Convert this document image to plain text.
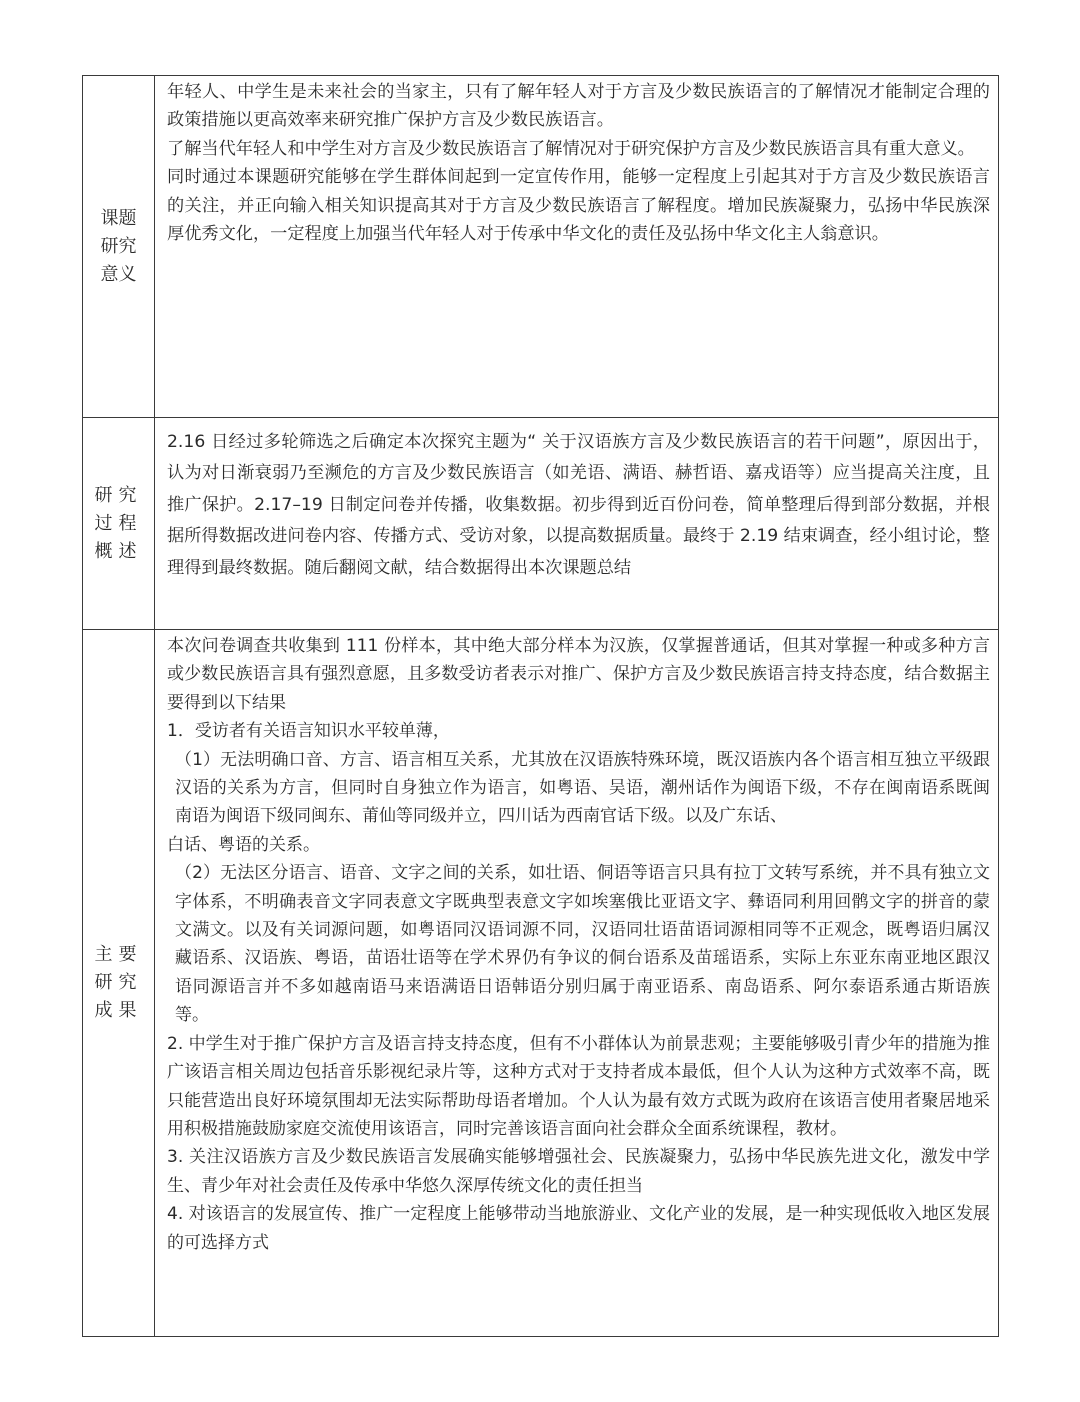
课题研究意义

年轻人、中学生是未来社会的当家主，只有了解年轻人对于方言及少数民族语言的了解情况才能制定合理的政策措施以更高效率来研究推广保护方言及少数民族语言。

了解当代年轻人和中学生对方言及少数民族语言了解情况对于研究保护方言及少数民族语言具有重大意义。

同时通过本课题研究能够在学生群体间起到一定宣传作用，能够一定程度上引起其对于方言及少数民族语言的关注，并正向输入相关知识提高其对于方言及少数民族语言了解程度。增加民族凝聚力，弘扬中华民族深厚优秀文化，一定程度上加强当代年轻人对于传承中华文化的责任及弘扬中华文化主人翁意识。

研究过程概述

2.16 日经过多轮筛选之后确定本次探究主题为“ 关于汉语族方言及少数民族语言的若干问题”，原因出于，认为对日渐衰弱乃至濒危的方言及少数民族语言（如羌语、满语、赫哲语、嘉戎语等）应当提高关注度，且推广保护。2.17–19 日制定问卷并传播，收集数据。初步得到近百份问卷，简单整理后得到部分数据，并根据所得数据改进问卷内容、传播方式、受访对象，以提高数据质量。最终于 2.19 结束调查，经小组讨论，整理得到最终数据。随后翻阅文献，结合数据得出本次课题总结

主要研究成果

本次问卷调查共收集到 111 份样本，其中绝大部分样本为汉族，仅掌握普通话，但其对掌握一种或多种方言或少数民族语言具有强烈意愿，且多数受访者表示对推广、保护方言及少数民族语言持支持态度，结合数据主要得到以下结果

1．受访者有关语言知识水平较单薄，

（1）无法明确口音、方言、语言相互关系，尤其放在汉语族特殊环境，既汉语族内各个语言相互独立平级跟汉语的关系为方言，但同时自身独立作为语言，如粤语、吴语，潮州话作为闽语下级，不存在闽南语系既闽南语为闽语下级同闽东、莆仙等同级并立，四川话为西南官话下级。以及广东话、

白话、粤语的关系。

（2）无法区分语言、语音、文字之间的关系，如壮语、侗语等语言只具有拉丁文转写系统，并不具有独立文字体系，不明确表音文字同表意文字既典型表意文字如埃塞俄比亚语文字、彝语同利用回鹘文字的拼音的蒙文满文。以及有关词源问题，如粤语同汉语词源不同，汉语同壮语苗语词源相同等不正观念，既粤语归属汉藏语系、汉语族、粤语，苗语壮语等在学术界仍有争议的侗台语系及苗瑶语系，实际上东亚东南亚地区跟汉语同源语言并不多如越南语马来语满语日语韩语分别归属于南亚语系、南岛语系、阿尔泰语系通古斯语族等。

2. 中学生对于推广保护方言及语言持支持态度，但有不小群体认为前景悲观；主要能够吸引青少年的措施为推广该语言相关周边包括音乐影视纪录片等，这种方式对于支持者成本最低，但个人认为这种方式效率不高，既只能营造出良好环境氛围却无法实际帮助母语者增加。个人认为最有效方式既为政府在该语言使用者聚居地采用积极措施鼓励家庭交流使用该语言，同时完善该语言面向社会群众全面系统课程，教材。

3. 关注汉语族方言及少数民族语言发展确实能够增强社会、民族凝聚力，弘扬中华民族先进文化，激发中学生、青少年对社会责任及传承中华悠久深厚传统文化的责任担当

4. 对该语言的发展宣传、推广一定程度上能够带动当地旅游业、文化产业的发展，是一种实现低收入地区发展的可选择方式
